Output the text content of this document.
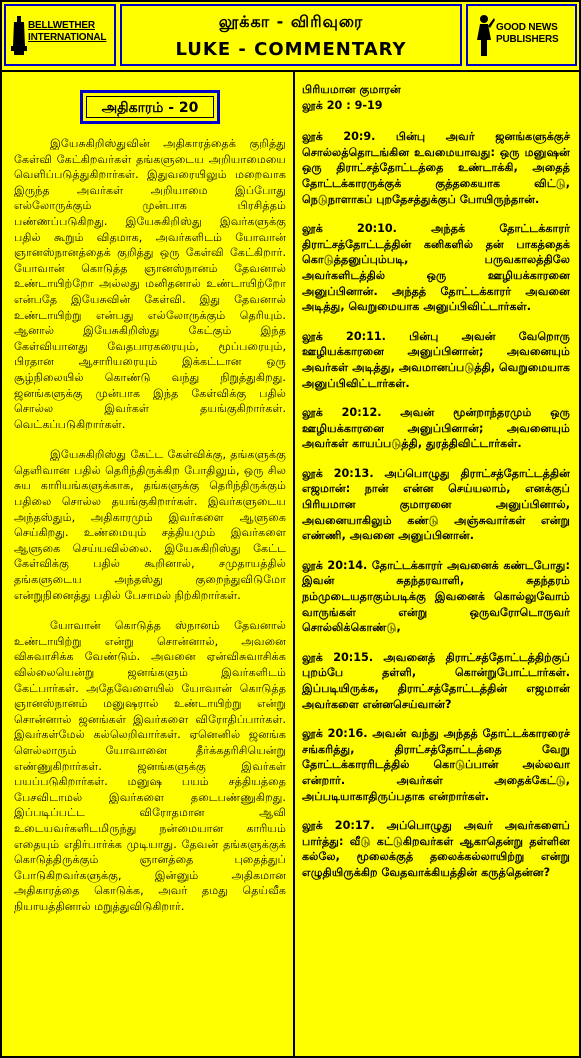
BELLWETHER
INTERNATIONAL
லூக்கா - விரிவுரை
LUKE - COMMENTARY
GOOD NEWS
PUBLISHERS
அதிகாரம் - 20

இயேசுகிறிஸ்துவின் அதிகாரத்தைக் குறித்து கேள்வி கேட்கிறவர்கள் தங்களுடைய அறியாமையை வெளிப்படுத்துகிறார்கள். இதுவரையிலும் மறைவாக இருந்த அவர்கள் அறியாமை இப்போது எல்லோருக்கும் முன்பாக பிரசித்தம் பண்ணப்படுகிறது. இயேசுகிறிஸ்து இவர்களுக்கு பதில் கூறும் விதமாக, அவர்களிடம் யோவான் ஞானஸ்நானத்தைக் குறித்து ஒரு கேள்வி கேட்கிறார். யோவான் கொடுத்த ஞானஸ்நானம் தேவனால் உண்டாயிற்றோ அல்லது மனிதனால் உண்டாயிற்றோ என்பதே இயேசுவின் கேள்வி. இது தேவனால் உண்டாயிற்று என்பது எல்லோருக்கும் தெரியும். ஆனால் இயேசுகிறிஸ்து கேட்கும் இந்த கேள்வியானது வேதபாரகரையும், மூப்பரையும், பிரதான ஆசாரியரையும் இக்கட்டான ஒரு சூழ்நிலையில் கொண்டு வந்து நிறுத்துகிறது. ஜனங்களுக்கு முன்பாக இந்த கேள்விக்கு பதில் சொல்ல இவர்கள் தயங்குகிறார்கள். வெட்கப்படுகிறார்கள்.

இயேசுகிறிஸ்து கேட்ட கேள்விக்கு, தங்களுக்கு தெளிவான பதில் தெரிந்திருக்கிற போதிலும், ஒரு சில சுய காரியங்களுக்காக, தங்களுக்கு தெரிந்திருக்கும் பதிலை சொல்ல தயங்குகிறார்கள். இவர்களுடைய அந்தஸ்தும், அதிகாரமும் இவர்களை ஆளுகை செய்கிறது. உண்மையும் சத்தியமும் இவர்களை ஆளுகை செய்யவில்லை. இயேசுகிறிஸ்து கேட்ட கேள்விக்கு பதில் கூறினால், சமுதாயத்தில் தங்களுடைய அந்தஸ்து குறைந்துவிடுமோ என்றுநினைத்து பதில் பேசாமல் நிற்கிறார்கள்.

யோவான் கொடுத்த ஸ்நானம் தேவனால் உண்டாயிற்று என்று சொன்னால், அவனை விசுவாசிக்க வேண்டும். அவனை ஏன்விசுவாசிக்க வில்லையென்று ஜனங்களும் இவர்களிடம் கேட்பார்கள். அதேவேளையில் யோவான் கொடுத்த ஞானஸ்நானம் மனுஷரால் உண்டாயிற்று என்று சொன்னால் ஜனங்கள் இவர்களை விரோதிப்பார்கள். இவர்கள்மேல் கல்லெறிவார்கள். ஏனெனில் ஜனங்க ளெல்லாரும் யோவானை தீர்க்கதரிசியென்று எண்ணுகிறார்கள். ஜனங்களுக்கு இவர்கள் பயப்படுகிறார்கள். மனுஷ பயம் சத்தியத்தை பேசவிடாமல் இவர்களை தடைபண்ணுகிறது. இப்படிப்பட்ட விரோதமான ஆவி உடையவர்களிடமிருந்து நன்மையான காரியம் எதையும் எதிர்பார்க்க முடியாது. தேவன் தங்களுக்குக் கொடுத்திருக்கும் ஞானத்தை புதைத்துப் போடுகிறவர்களுக்கு, இன்னும் அதிகமான அதிகாரத்தை கொடுக்க, அவர் தமது தெய்வீக நியாயத்தினால் மறுத்துவிடுகிறார்.

பிரியமான குமாரன்

லூக் 20 : 9-19

லூக் 20:9. பின்பு அவர் ஜனங்களுக்குச் சொல்லத்தொடங்கின உவமையாவது: ஒரு மனுஷன் ஒரு திராட்சத்தோட்டத்தை உண்டாக்கி, அதைத் தோட்டக்காரருக்குக் குத்தகையாக விட்டு, நெடுநாளாகப் புறதேசத்துக்குப் போயிருந்தான்.

லூக் 20:10. அந்தக் தோட்டக்காரர் திராட்சத்தோட்டத்தின் கனிகளில் தன் பாகத்தைக் கொடுத்தனுப்பும்படி, பருவகாலத்திலே அவர்களிடத்தில் ஒரு ஊழியக்காரனை அனுப்பினான். அந்தத் தோட்டக்காரர் அவனை அடித்து, வெறுமையாக அனுப்பிவிட்டார்கள்.

லூக் 20:11. பின்பு அவன் வேறொரு ஊழியக்காரனை அனுப்பினான்; அவனையும் அவர்கள் அடித்து, அவமானப்படுத்தி, வெறுமையாக அனுப்பிவிட்டார்கள்.

லூக் 20:12. அவன் மூன்றாந்தரமும் ஒரு ஊழியக்காரனை அனுப்பினான்; அவனையும் அவர்கள் காயப்படுத்தி, துரத்திவிட்டார்கள்.

லூக் 20:13. அப்பொழுது திராட்சத்தோட்டத்தின் எஜமான்: நான் என்ன செய்யலாம், எனக்குப் பிரியமான குமாரனை அனுப்பினால், அவனையாகிலும் கண்டு அஞ்சுவார்கள் என்று எண்ணி, அவனை அனுப்பினான்.

லூக் 20:14. தோட்டக்காரர் அவனைக் கண்டபோது: இவன் சுதந்தரவாளி, சுதந்தரம் நம்முடையதாகும்படிக்கு இவனைக் கொல்லுவோம் வாருங்கள் என்று ஒருவரோடொருவர் சொல்லிக்கொண்டு,

லூக் 20:15. அவனைத் திராட்சத்தோட்டத்திற்குப் புறம்பே தள்ளி, கொன்றுபோட்டார்கள். இப்படியிருக்க, திராட்சத்தோட்டத்தின் எஜமான் அவர்களை என்னசெய்வான்?

லூக் 20:16. அவன் வந்து அந்தத் தோட்டக்காரரைச் சங்கரித்து, திராட்சத்தோட்டத்தை வேறு தோட்டக்காரரிடத்தில் கொடுப்பான் அல்லவா என்றார். அவர்கள் அதைக்கேட்டு, அப்படியாகாதிருப்பதாக என்றார்கள்.

லூக் 20:17. அப்பொழுது அவர் அவர்களைப் பார்த்து: வீடு கட்டுகிறவர்கள் ஆகாதென்று தள்ளின கல்லே, மூலைக்குத் தலைக்கல்லாயிற்று என்று எழுதியிருக்கிற வேதவாக்கியத்தின் கருத்தென்ன?
